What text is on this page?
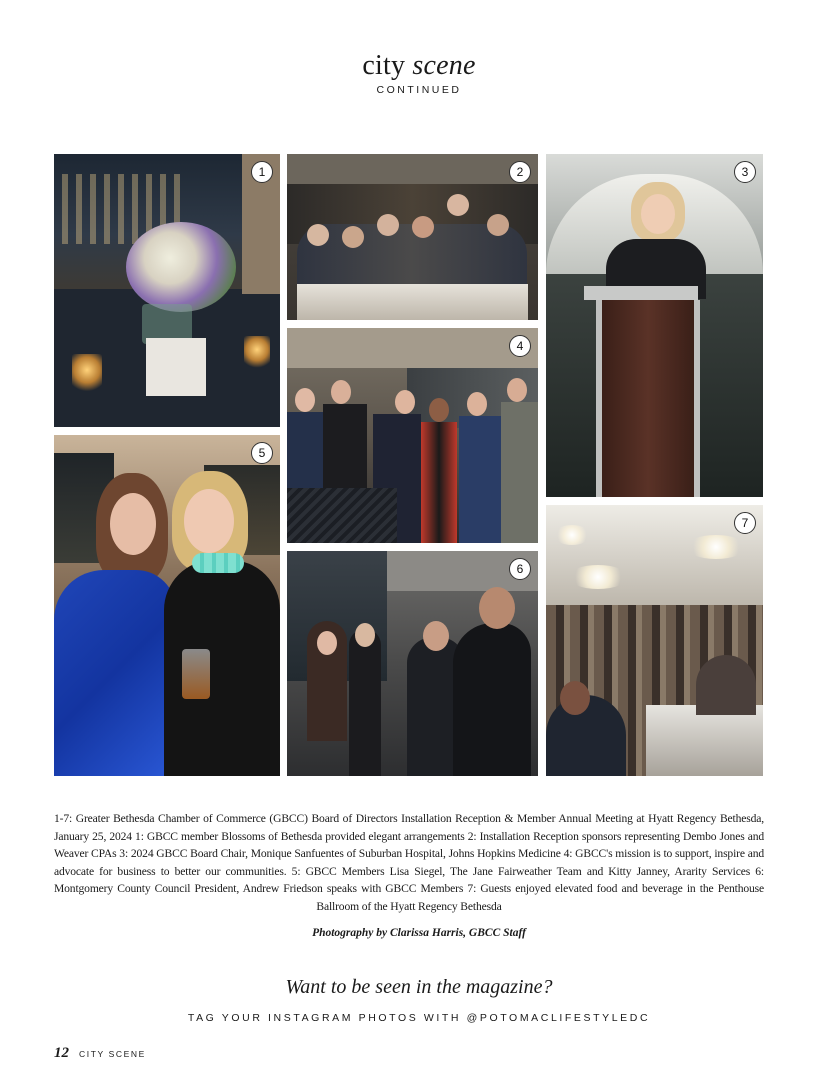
city scene
CONTINUED
1	2	3
4
5
6
7
1-7: Greater Bethesda Chamber of Commerce (GBCC) Board of Directors Installation Reception & Member Annual Meeting at Hyatt Regency Bethesda, January 25, 2024 1: GBCC member Blossoms of Bethesda provided elegant arrangements 2: Installation Reception sponsors representing Dembo Jones and Weaver CPAs 3: 2024 GBCC Board Chair, Monique Sanfuentes of Suburban Hospital, Johns Hopkins Medicine 4: GBCC's mission is to support, inspire and advocate for business to better our communities. 5: GBCC Members Lisa Siegel, The Jane Fairweather Team and Kitty Janney, Ararity Services 6: Montgomery County Council President, Andrew Friedson speaks with GBCC Members 7: Guests enjoyed elevated food and beverage in the Penthouse Ballroom of the Hyatt Regency Bethesda
Photography by Clarissa Harris, GBCC Staff
Want to be seen in the magazine?
TAG YOUR INSTAGRAM PHOTOS WITH @POTOMACLIFESTYLEDC
12 CITY SCENE
